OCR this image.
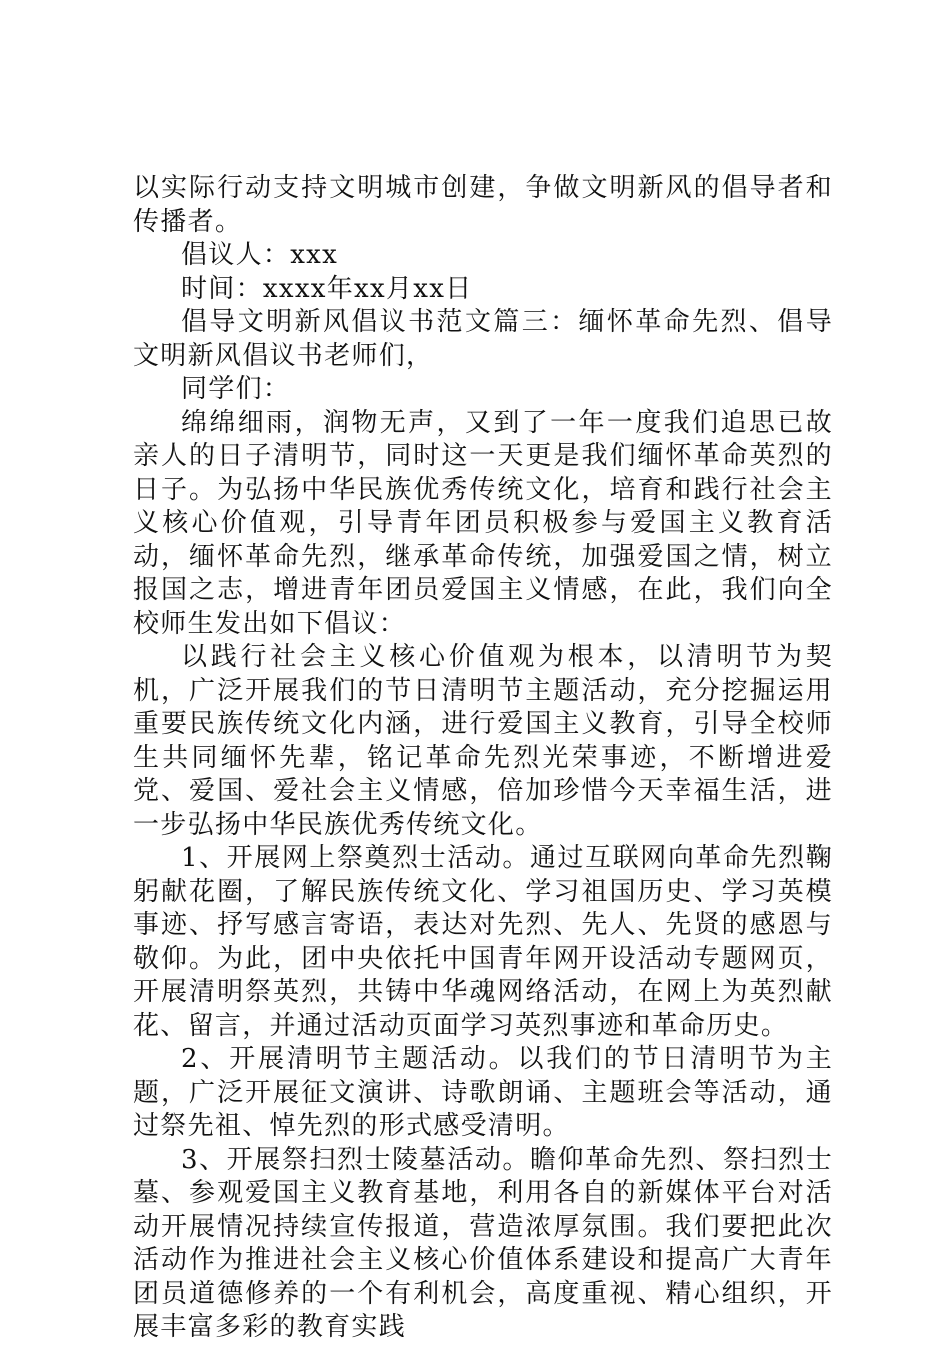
以实际行动支持文明城市创建，争做文明新风的倡导者和传播者。

倡议人：xxx

时间：xxxx年xx月xx日

倡导文明新风倡议书范文篇三：缅怀革命先烈、倡导文明新风倡议书老师们，

同学们：

绵绵细雨，润物无声，又到了一年一度我们追思已故亲人的日子清明节，同时这一天更是我们缅怀革命英烈的日子。为弘扬中华民族优秀传统文化，培育和践行社会主义核心价值观，引导青年团员积极参与爱国主义教育活动，缅怀革命先烈，继承革命传统，加强爱国之情，树立报国之志，增进青年团员爱国主义情感，在此，我们向全校师生发出如下倡议：

以践行社会主义核心价值观为根本，以清明节为契机，广泛开展我们的节日清明节主题活动，充分挖掘运用重要民族传统文化内涵，进行爱国主义教育，引导全校师生共同缅怀先辈，铭记革命先烈光荣事迹，不断增进爱党、爱国、爱社会主义情感，倍加珍惜今天幸福生活，进一步弘扬中华民族优秀传统文化。

1、开展网上祭奠烈士活动。通过互联网向革命先烈鞠躬献花圈，了解民族传统文化、学习祖国历史、学习英模事迹、抒写感言寄语，表达对先烈、先人、先贤的感恩与敬仰。为此，团中央依托中国青年网开设活动专题网页，开展清明祭英烈，共铸中华魂网络活动，在网上为英烈献花、留言，并通过活动页面学习英烈事迹和革命历史。

2、开展清明节主题活动。以我们的节日清明节为主题，广泛开展征文演讲、诗歌朗诵、主题班会等活动，通过祭先祖、悼先烈的形式感受清明。

3、开展祭扫烈士陵墓活动。瞻仰革命先烈、祭扫烈士墓、参观爱国主义教育基地，利用各自的新媒体平台对活动开展情况持续宣传报道，营造浓厚氛围。我们要把此次活动作为推进社会主义核心价值体系建设和提高广大青年团员道德修养的一个有利机会，高度重视、精心组织，开展丰富多彩的教育实践
